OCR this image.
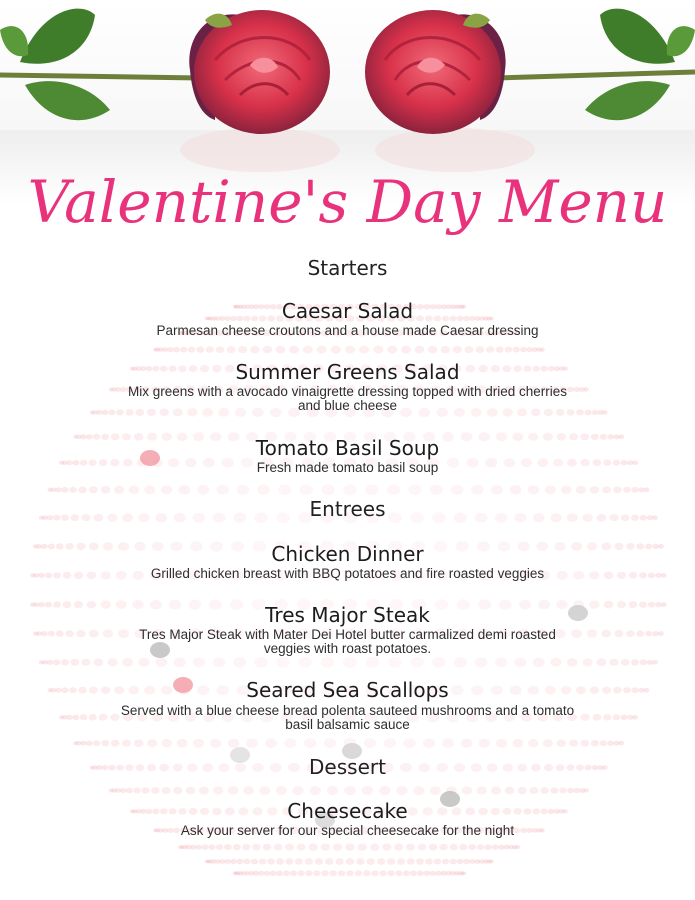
Valentine's Day Menu
Starters
Caesar Salad
Parmesan cheese croutons and a house made Caesar dressing
Summer Greens Salad
Mix greens with a avocado vinaigrette dressing topped with dried cherries and blue cheese
Tomato Basil Soup
Fresh made tomato basil soup
Entrees
Chicken Dinner
Grilled chicken breast with BBQ potatoes and fire roasted veggies
Tres Major Steak
Tres Major Steak with Mater Dei Hotel butter carmalized demi roasted veggies with roast potatoes.
Seared Sea Scallops
Served with a blue cheese bread polenta sauteed mushrooms and a tomato basil balsamic sauce
Dessert
Cheesecake
Ask your server for our special cheesecake for the night
